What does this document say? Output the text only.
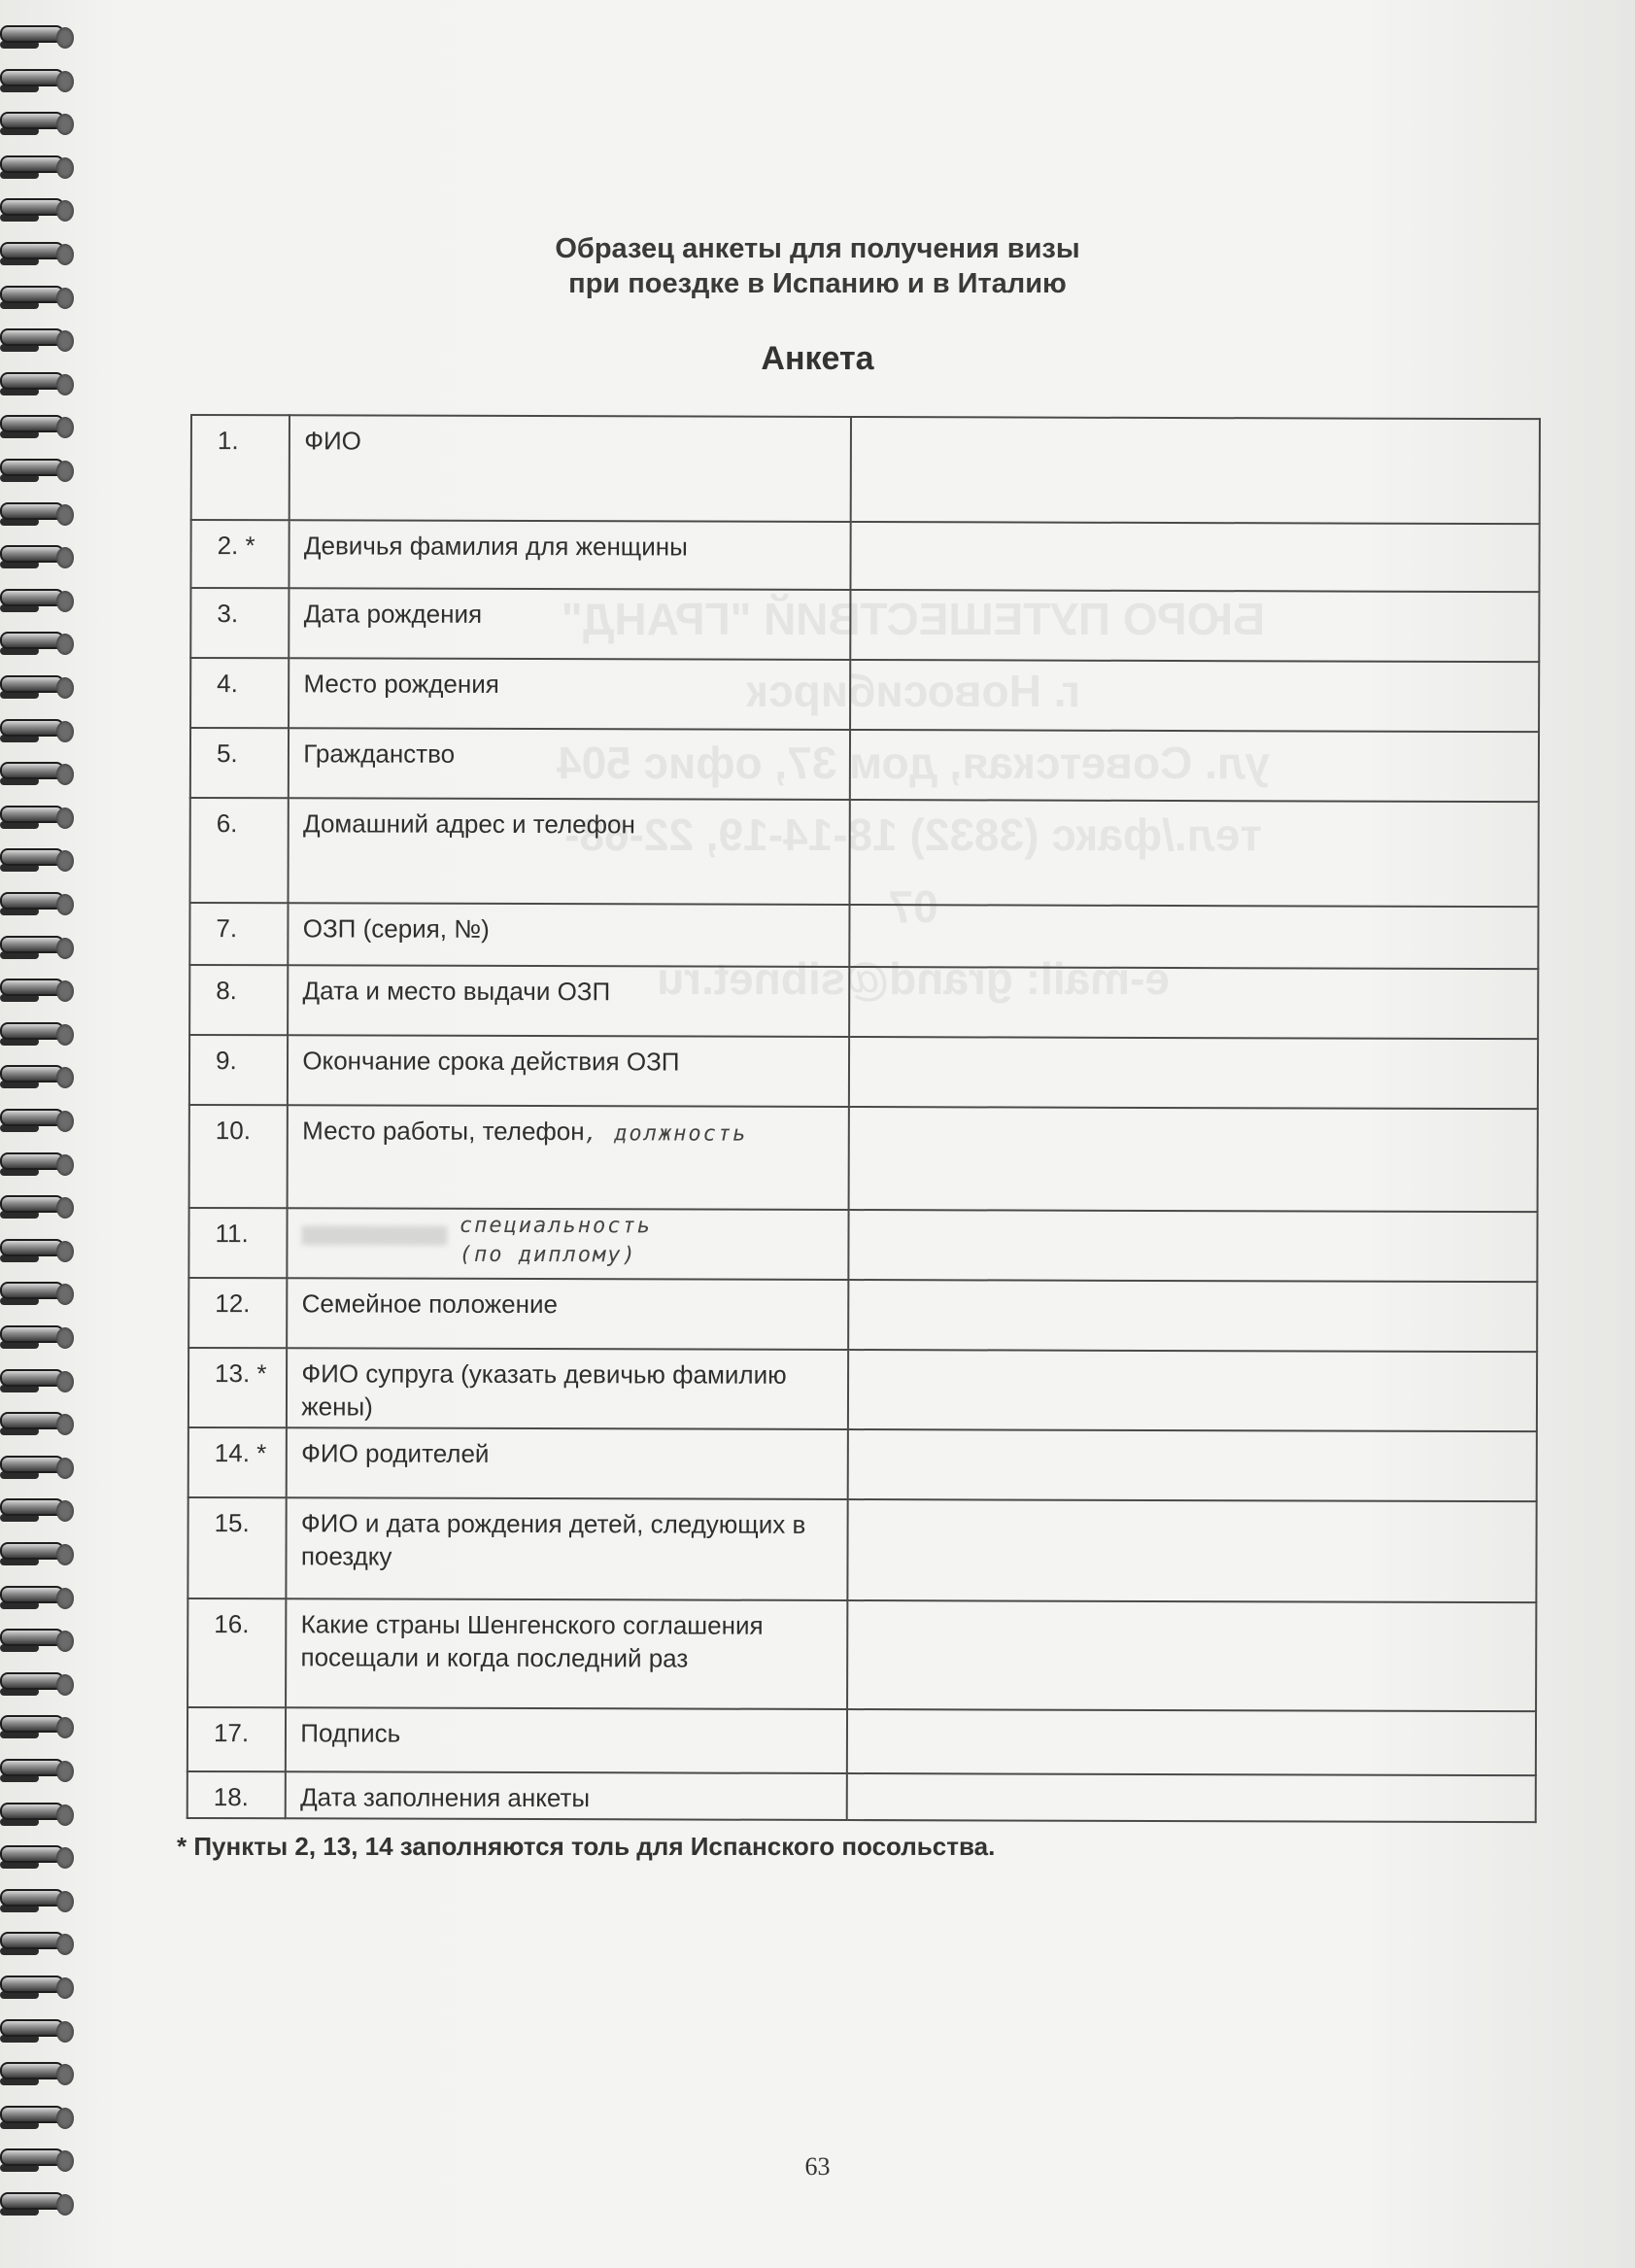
БЮРО ПУТЕШЕСТВИЙ "ГРАНД"
г. Новосибирск
ул. Советская, дом 37, офис 504
тел./факс (3832) 18-14-19, 22-68-07
e-mail: grand@sibnet.ru
Образец анкеты для получения визы
при поездке в Испанию и в Италию
Анкета
1.	ФИО	
2. *	Девичья фамилия для женщины	
3.	Дата рождения	
4.	Место рождения	
5.	Гражданство	
6.	Домашний адрес и телефон	
7.	ОЗП (серия, №)	
8.	Дата и место выдачи ОЗП	
9.	Окончание срока действия ОЗП	
10.	Место работы, телефон, должность	
11.	специальность
(по диплому)	
12.	Семейное положение	
13. *	ФИО супруга (указать девичью фамилию жены)	
14. *	ФИО родителей	
15.	ФИО и дата рождения детей, следующих в поездку	
16.	Какие страны Шенгенского соглашения посещали и когда последний раз	
17.	Подпись	
18.	Дата заполнения анкеты	
* Пункты 2, 13, 14 заполняются толь для Испанского посольства.
63
